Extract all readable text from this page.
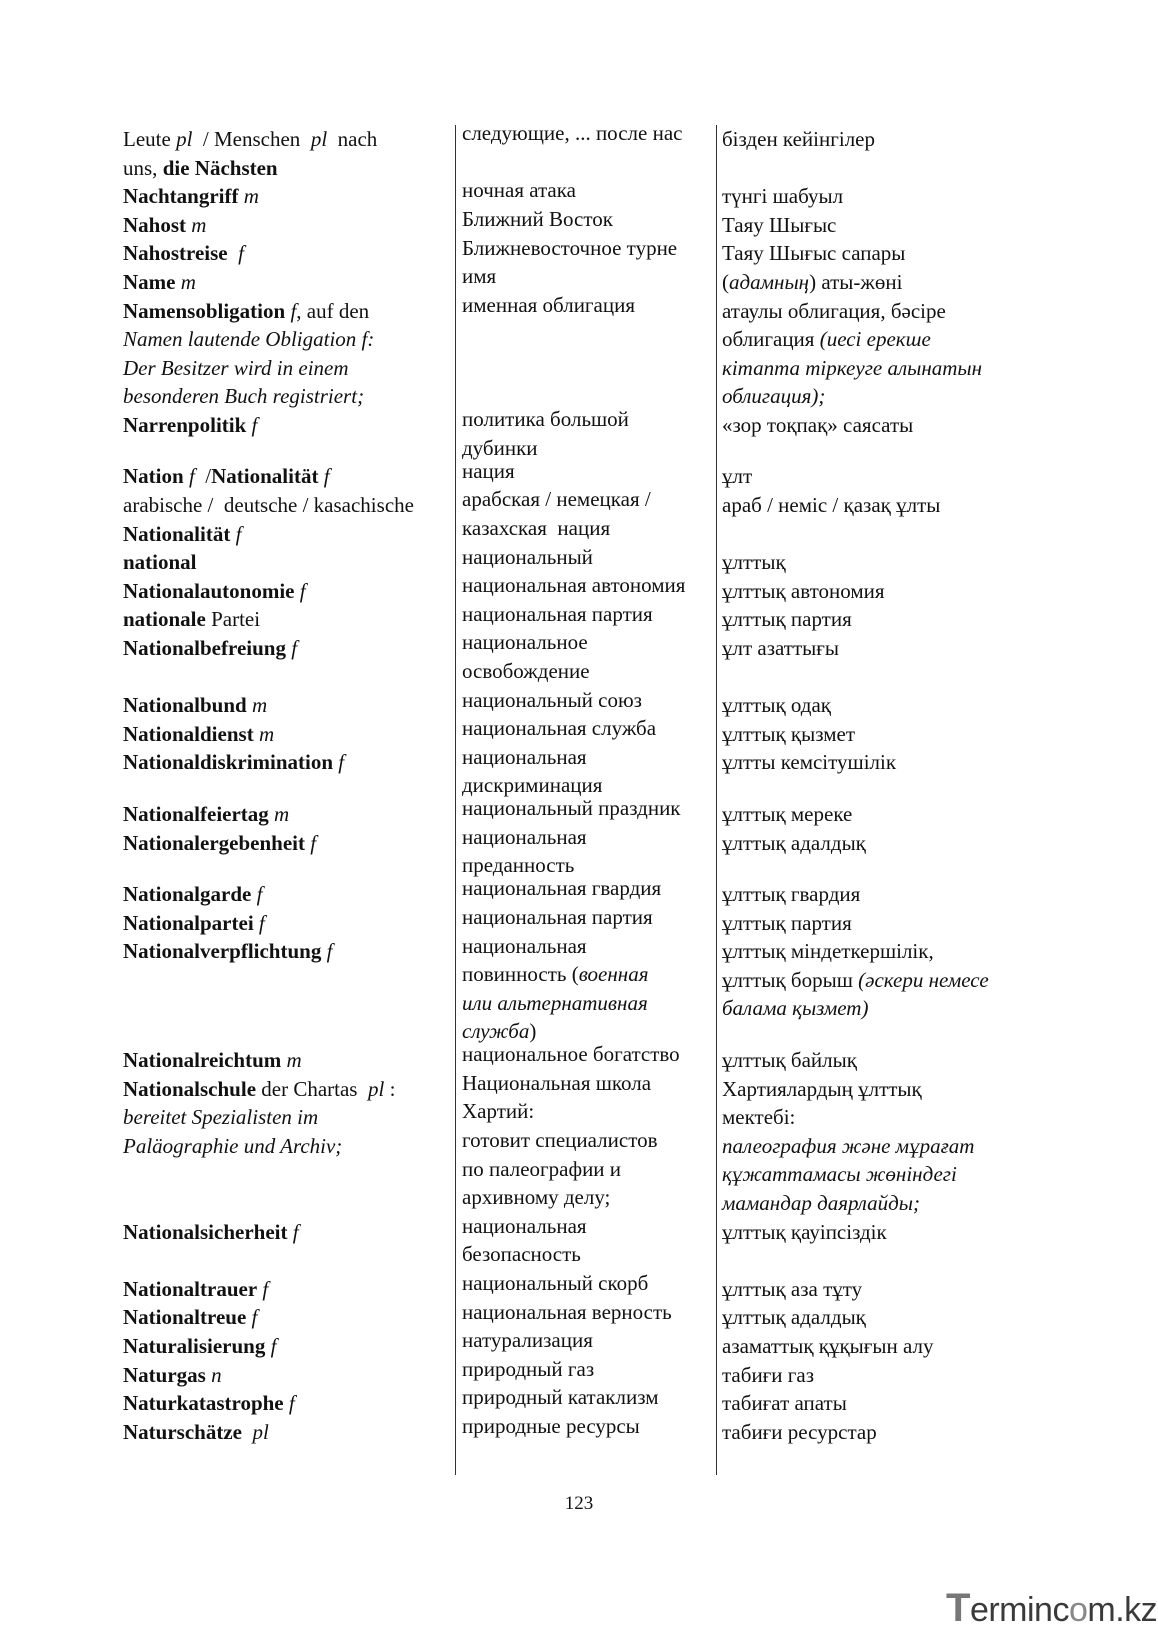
Leute pl  / Menschen  pl  nach
uns, die Nächsten
Nachtangriff m
Nahost m
Nahostreise  f
Name m
Namensobligation f, auf den
Namen lautende Obligation f:
Der Besitzer wird in einem
besonderen Buch registriert;
Narrenpolitik f
Nation f  /Nationalität f
arabische /  deutsche / kasachische
Nationalität f
national
Nationalautonomie f
nationale Partei
Nationalbefreiung f
Nationalbund m
Nationaldienst m
Nationaldiskrimination f
Nationalfeiertag m
Nationalergebenheit f
Nationalgarde f
Nationalpartei f
Nationalverpflichtung f
Nationalreichtum m
Nationalschule der Chartas  pl :
bereitet Spezialisten im
Paläographie und Archiv;
Nationalsicherheit f
Nationaltrauer f
Nationaltreue f
Naturalisierung f
Naturgas n
Naturkatastrophe f
Naturschätze  pl
следующие, ... после нас
ночная атака
Ближний Восток
Ближневосточное турне
имя
именная облигация
политика большой
дубинки
нация
арабская / немецкая /
казахская  нация
национальный
национальная автономия
национальная партия
национальное
освобождение
национальный союз
национальная служба
национальная
дискриминация
национальный праздник
национальная
преданность
национальная гвардия
национальная партия
национальная
повинность (военная
или альтернативная
служба)
национальное богатство
Национальная школа
Хартий:
готовит специалистов
по палеографии и
архивному делу;
национальная
безопасность
национальный скорб
национальная верность
натурализация
природный газ
природный катаклизм
природные ресурсы
бізден кейінгілер
түнгі шабуыл
Таяу Шығыс
Таяу Шығыс сапары
(адамның) аты-жөні
атаулы облигация, бәсіре
облигация (иесі ерекше
кітапта тіркеуге алынатын
облигация);
«зор тоқпақ» саясаты
ұлт
араб / неміс / қазақ ұлты
ұлттық
ұлттық автономия
ұлттық партия
ұлт азаттығы
ұлттық одақ
ұлттық қызмет
ұлтты кемсітушілік
ұлттық мереке
ұлттық адалдық
ұлттық гвардия
ұлттық партия
ұлттық міндеткершілік,
ұлттық борыш (әскери немесе
балама қызмет)
ұлттық байлық
Хартиялардың ұлттық
мектебі:
палеография және мұрағат
құжаттамасы жөніндегі
мамандар даярлайды;
ұлттық қауіпсіздік
ұлттық аза тұту
ұлттық адалдық
азаматтық құқығын алу
табиғи газ
табиғат апаты
табиғи ресурстар
123
Termincom.kz
